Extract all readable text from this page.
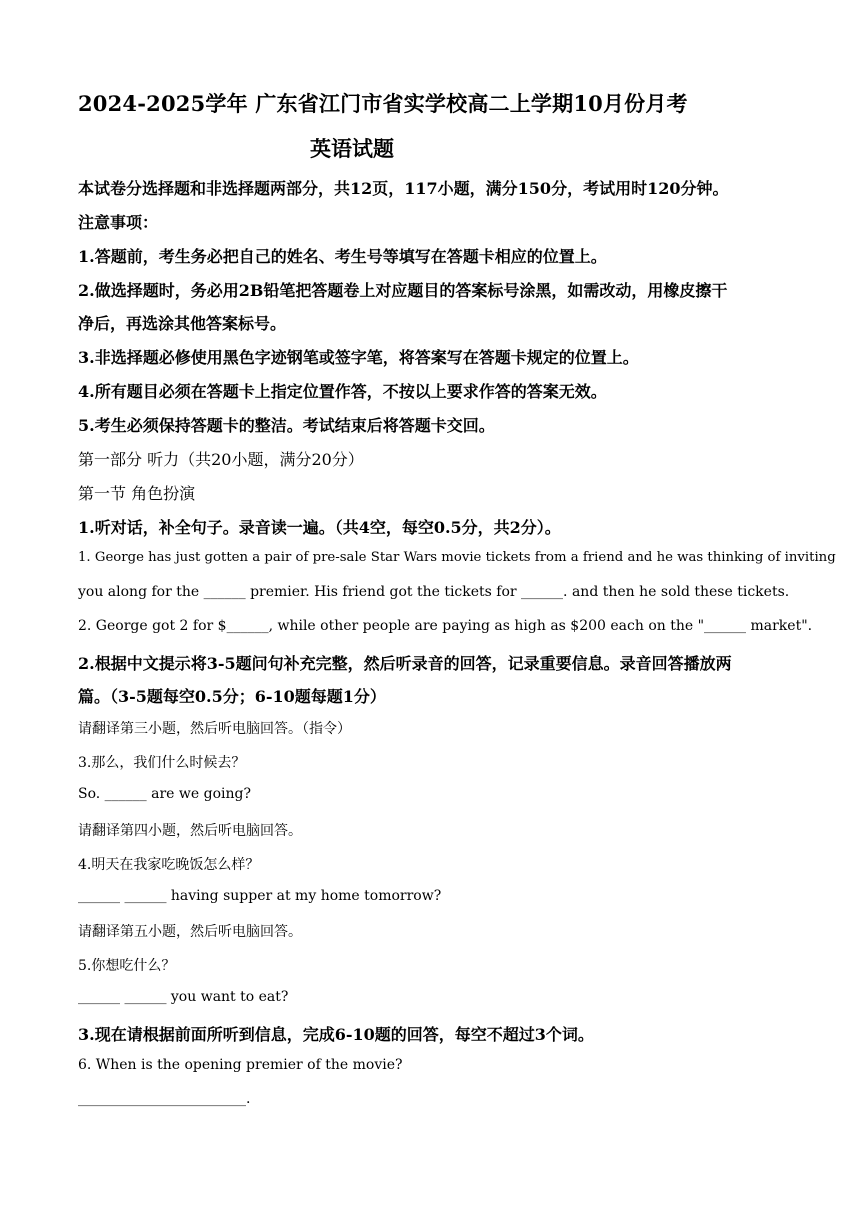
2024-2025学年 广东省江门市省实学校高二上学期10月份月考
英语试题
本试卷分选择题和非选择题两部分，共12页，117小题，满分150分，考试用时120分钟。
注意事项：
1.答题前，考生务必把自己的姓名、考生号等填写在答题卡相应的位置上。
2.做选择题时，务必用2B铅笔把答题卷上对应题目的答案标号涂黑，如需改动，用橡皮擦干
净后，再选涂其他答案标号。
3.非选择题必修使用黑色字迹钢笔或签字笔，将答案写在答题卡规定的位置上。
4.所有题目必须在答题卡上指定位置作答，不按以上要求作答的答案无效。
5.考生必须保持答题卡的整洁。考试结束后将答题卡交回。
第一部分 听力（共20小题，满分20分）
第一节 角色扮演
1.听对话，补全句子。录音读一遍。（共4空，每空0.5分，共2分）。
1. George has just gotten a pair of pre-sale Star Wars movie tickets from a friend and he was thinking of inviting
you along for the ______ premier. His friend got the tickets for ______. and then he sold these tickets.
2. George got 2 for $______, while other people are paying as high as $200 each on the "______ market".
2.根据中文提示将3-5题问句补充完整，然后听录音的回答，记录重要信息。录音回答播放两
篇。（3-5题每空0.5分；6-10题每题1分）
请翻译第三小题，然后听电脑回答。（指令）
3.那么，我们什么时候去？
So. ______ are we going?
请翻译第四小题，然后听电脑回答。
4.明天在我家吃晚饭怎么样？
______ ______ having supper at my home tomorrow?
请翻译第五小题，然后听电脑回答。
5.你想吃什么？
______ ______ you want to eat?
3.现在请根据前面所听到信息，完成6-10题的回答，每空不超过3个词。
6. When is the opening premier of the movie?
________________________.
